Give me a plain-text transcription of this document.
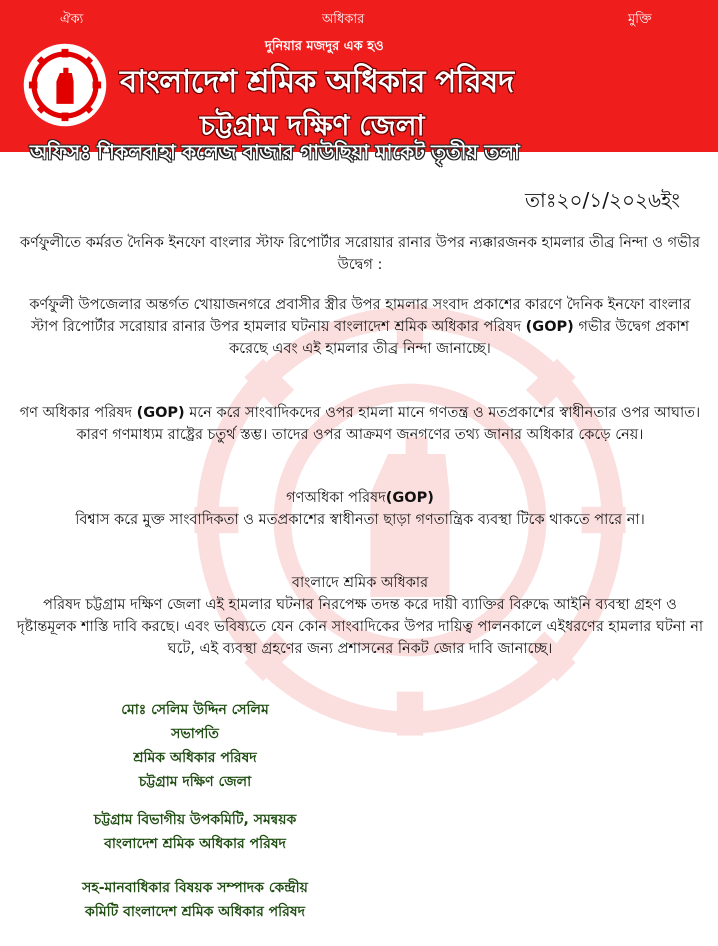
ঐক্য	অধিকার	মুক্তি
দুনিয়ার মজদুর এক হও
বাংলাদেশ শ্রমিক অধিকার পরিষদ
চট্টগ্রাম দক্ষিণ জেলা
অফিসঃ শিকলবাহা কলেজ বাজার গাউছিয়া মাকেট তৃতীয় তলা
তাঃ২০/১/২০২৬ইং
কর্ণফুলীতে কর্মরত দৈনিক ইনফো বাংলার স্টাফ রিপোর্টার সরোয়ার রানার উপর ন্যক্কারজনক হামলার তীব্র নিন্দা ও গভীর উদ্বেগ :
কর্ণফুলী উপজেলার অন্তর্গত খোয়াজনগরে প্রবাসীর স্ত্রীর উপর হামলার সংবাদ প্রকাশের কারণে দৈনিক ইনফো বাংলার স্টাপ রিপোর্টার সরোয়ার রানার উপর হামলার ঘটনায় বাংলাদেশ শ্রমিক অধিকার পরিষদ (GOP) গভীর উদ্বেগ প্রকাশ করেছে এবং এই হামলার তীব্র নিন্দা জানাচ্ছে।
গণ অধিকার পরিষদ (GOP) মনে করে সাংবাদিকদের ওপর হামলা মানে গণতন্ত্র ও মতপ্রকাশের স্বাধীনতার ওপর আঘাত। কারণ গণমাধ্যম রাষ্ট্রের চতুর্থ স্তম্ভ। তাদের ওপর আক্রমণ জনগণের তথ্য জানার অধিকার কেড়ে নেয়।
গণঅধিকা পরিষদ(GOP)
বিশ্বাস করে মুক্ত সাংবাদিকতা ও মতপ্রকাশের স্বাধীনতা ছাড়া গণতান্ত্রিক ব্যবস্থা টিকে থাকতে পারে না।
বাংলাদে শ্রমিক অধিকার
পরিষদ চট্টগ্রাম দক্ষিণ জেলা এই হামলার ঘটনার নিরপেক্ষ তদন্ত করে দায়ী ব্যাক্তির বিরুদ্ধে আইনি ব্যবস্থা গ্রহণ ও দৃষ্টান্তমূলক শাস্তি দাবি করছে। এবং ভবিষ্যতে যেন কোন সাংবাদিকের উপর দায়িত্ব পালনকালে এইধরণের হামলার ঘটনা না ঘটে, এই ব্যবস্থা গ্রহণের জন্য প্রশাসনের নিকট জোর দাবি জানাচ্ছে।
মোঃ সেলিম উদ্দিন সেলিম
সভাপতি
শ্রমিক অধিকার পরিষদ
চট্টগ্রাম দক্ষিণ জেলা
চট্টগ্রাম বিভাগীয় উপকমিটি, সমন্বয়ক
বাংলাদেশ শ্রমিক অধিকার পরিষদ
সহ-মানবাধিকার বিষয়ক সম্পাদক কেন্দ্রীয়
কমিটি বাংলাদেশ শ্রমিক অধিকার পরিষদ
